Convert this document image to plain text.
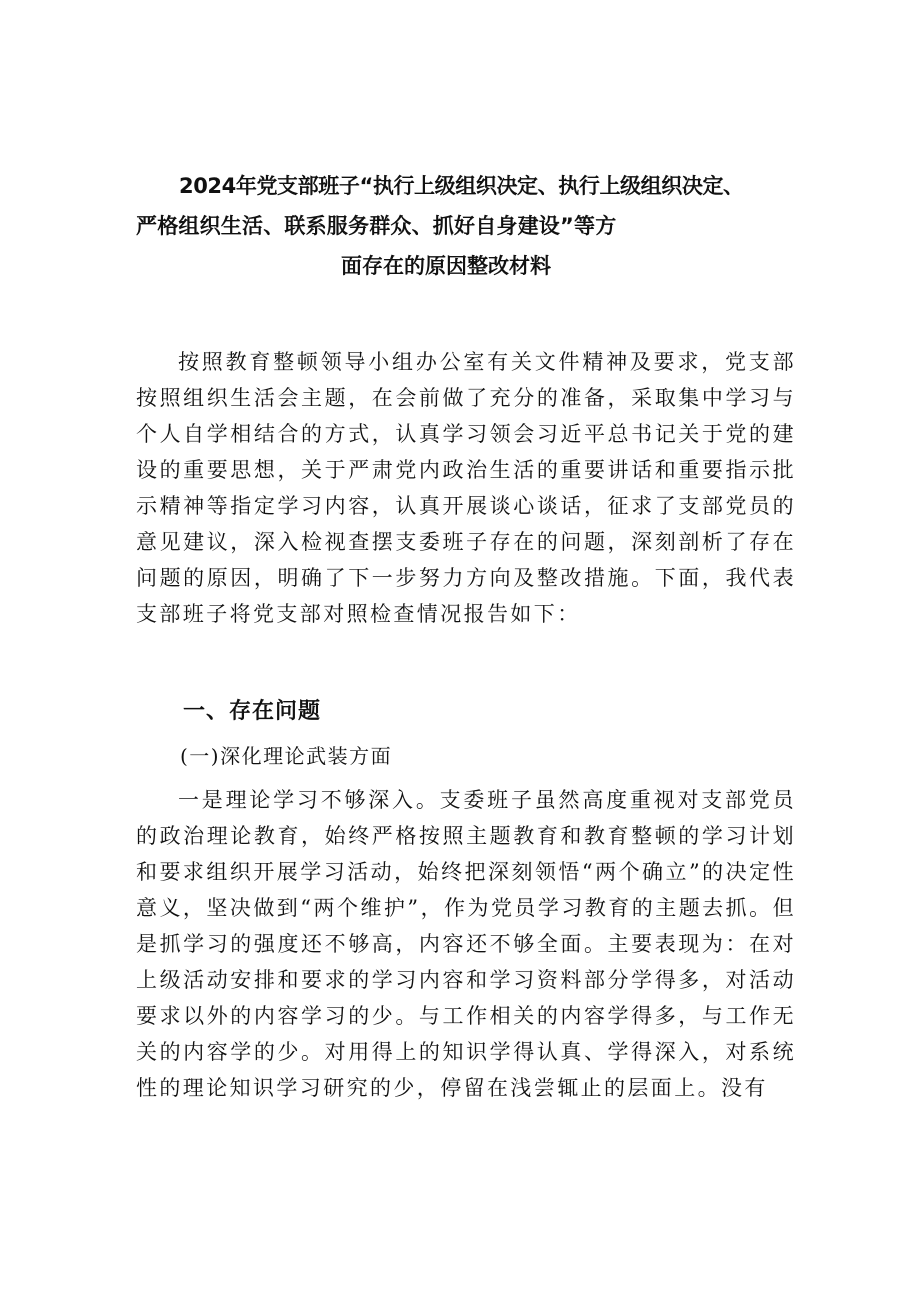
2024年党支部班子“执行上级组织决定、执行上级组织决定、
严格组织生活、联系服务群众、抓好自身建设”等方
面存在的原因整改材料

按照教育整顿领导小组办公室有关文件精神及要求，党支部按照组织生活会主题，在会前做了充分的准备，采取集中学习与个人自学相结合的方式，认真学习领会习近平总书记关于党的建设的重要思想，关于严肃党内政治生活的重要讲话和重要指示批示精神等指定学习内容，认真开展谈心谈话，征求了支部党员的意见建议，深入检视查摆支委班子存在的问题，深刻剖析了存在问题的原因，明确了下一步努力方向及整改措施。下面，我代表支部班子将党支部对照检查情况报告如下：

一、存在问题
(一)深化理论武装方面

一是理论学习不够深入。支委班子虽然高度重视对支部党员的政治理论教育，始终严格按照主题教育和教育整顿的学习计划和要求组织开展学习活动，始终把深刻领悟“两个确立”的决定性意义，坚决做到“两个维护”，作为党员学习教育的主题去抓。但是抓学习的强度还不够高，内容还不够全面。主要表现为：在对上级活动安排和要求的学习内容和学习资料部分学得多，对活动要求以外的内容学习的少。与工作相关的内容学得多，与工作无关的内容学的少。对用得上的知识学得认真、学得深入，对系统性的理论知识学习研究的少，停留在浅尝辄止的层面上。没有
